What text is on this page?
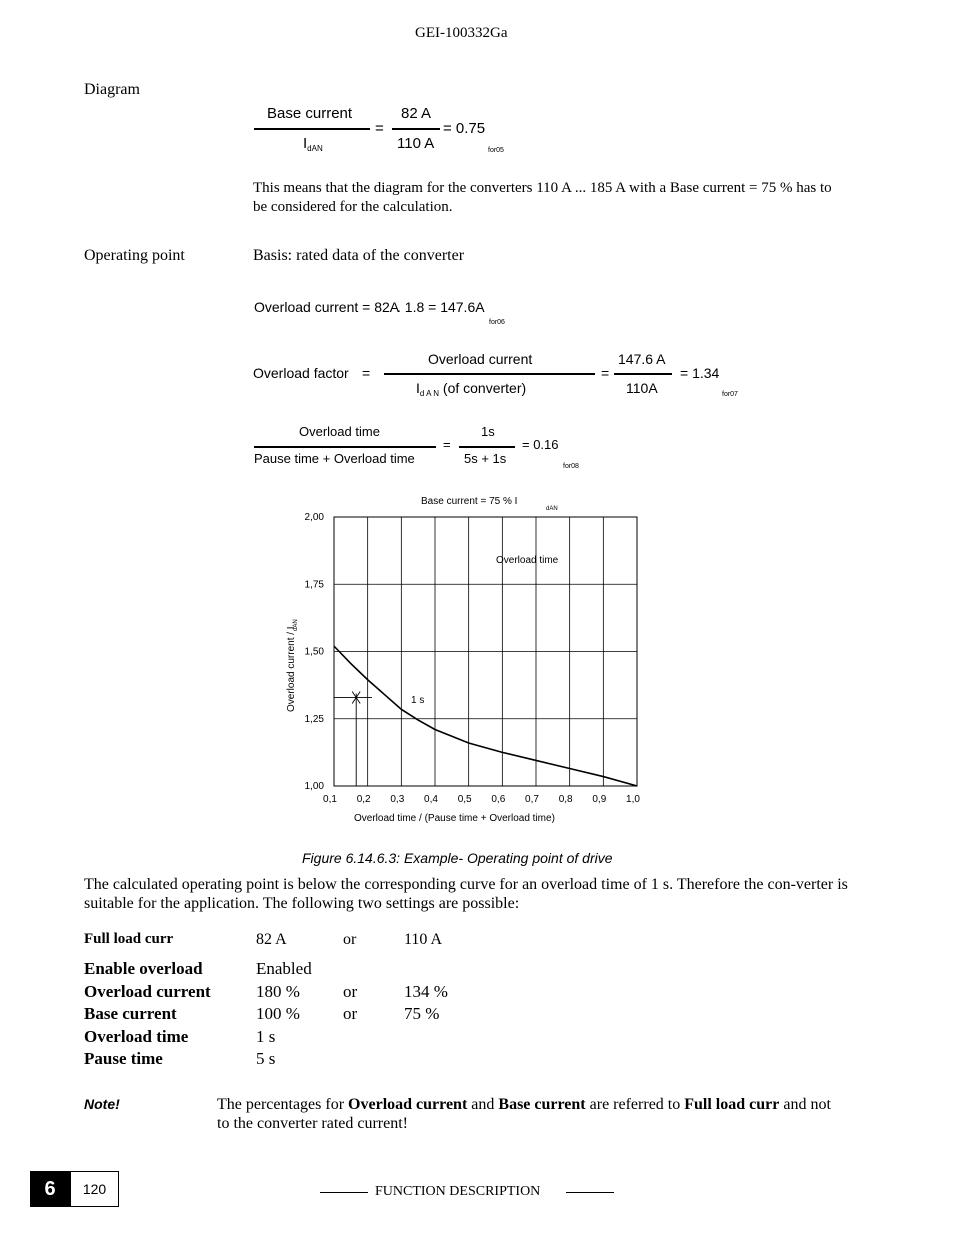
GEI-100332Ga
Diagram
Base current
$I_{dAN}$
=
82 A
110 A
= 0.75
for05
This means that the diagram for the converters 110 A ... 185 A with a Base current = 75 % has to be considered for the calculation.
Operating point	Basis: rated data of the converter
Overload current = 82A
. 1.8 = 147.6A
for06
Overload factor =
Overload current
$I_{d A N}$ (of converter)
=
147.6 A
110A
= 1.34
for07
Overload time
Pause time + Overload time
=
1s
5s + 1s
= 0.16
for08
0,1 0,2 0,3 0,4 0,5 0,6 0,7 0,8 0,9 1,0
1,00
1,25
1,50
1,75
2,00
Base current = 75 % I
dAN
Overload time
1 s
Overload time / (Pause time + Overload time)
Overload current / I
dAN
Figure 6.14.6.3: Example- Operating point of drive
The calculated operating point is below the corresponding curve for an overload time of 1 s. Therefore the con-verter is suitable for the application. The following two settings are possible:
Full load curr	82 A	or	110 A
Enable overload	Enabled
Overload current	180 %	or	134 %
Base current	100 %	or	75 %
Overload time	1 s
Pause time	5 s
Note!	The percentages for Overload current and Base current are referred to Full load curr and not to the converter rated current!
6	120	FUNCTION DESCRIPTION
